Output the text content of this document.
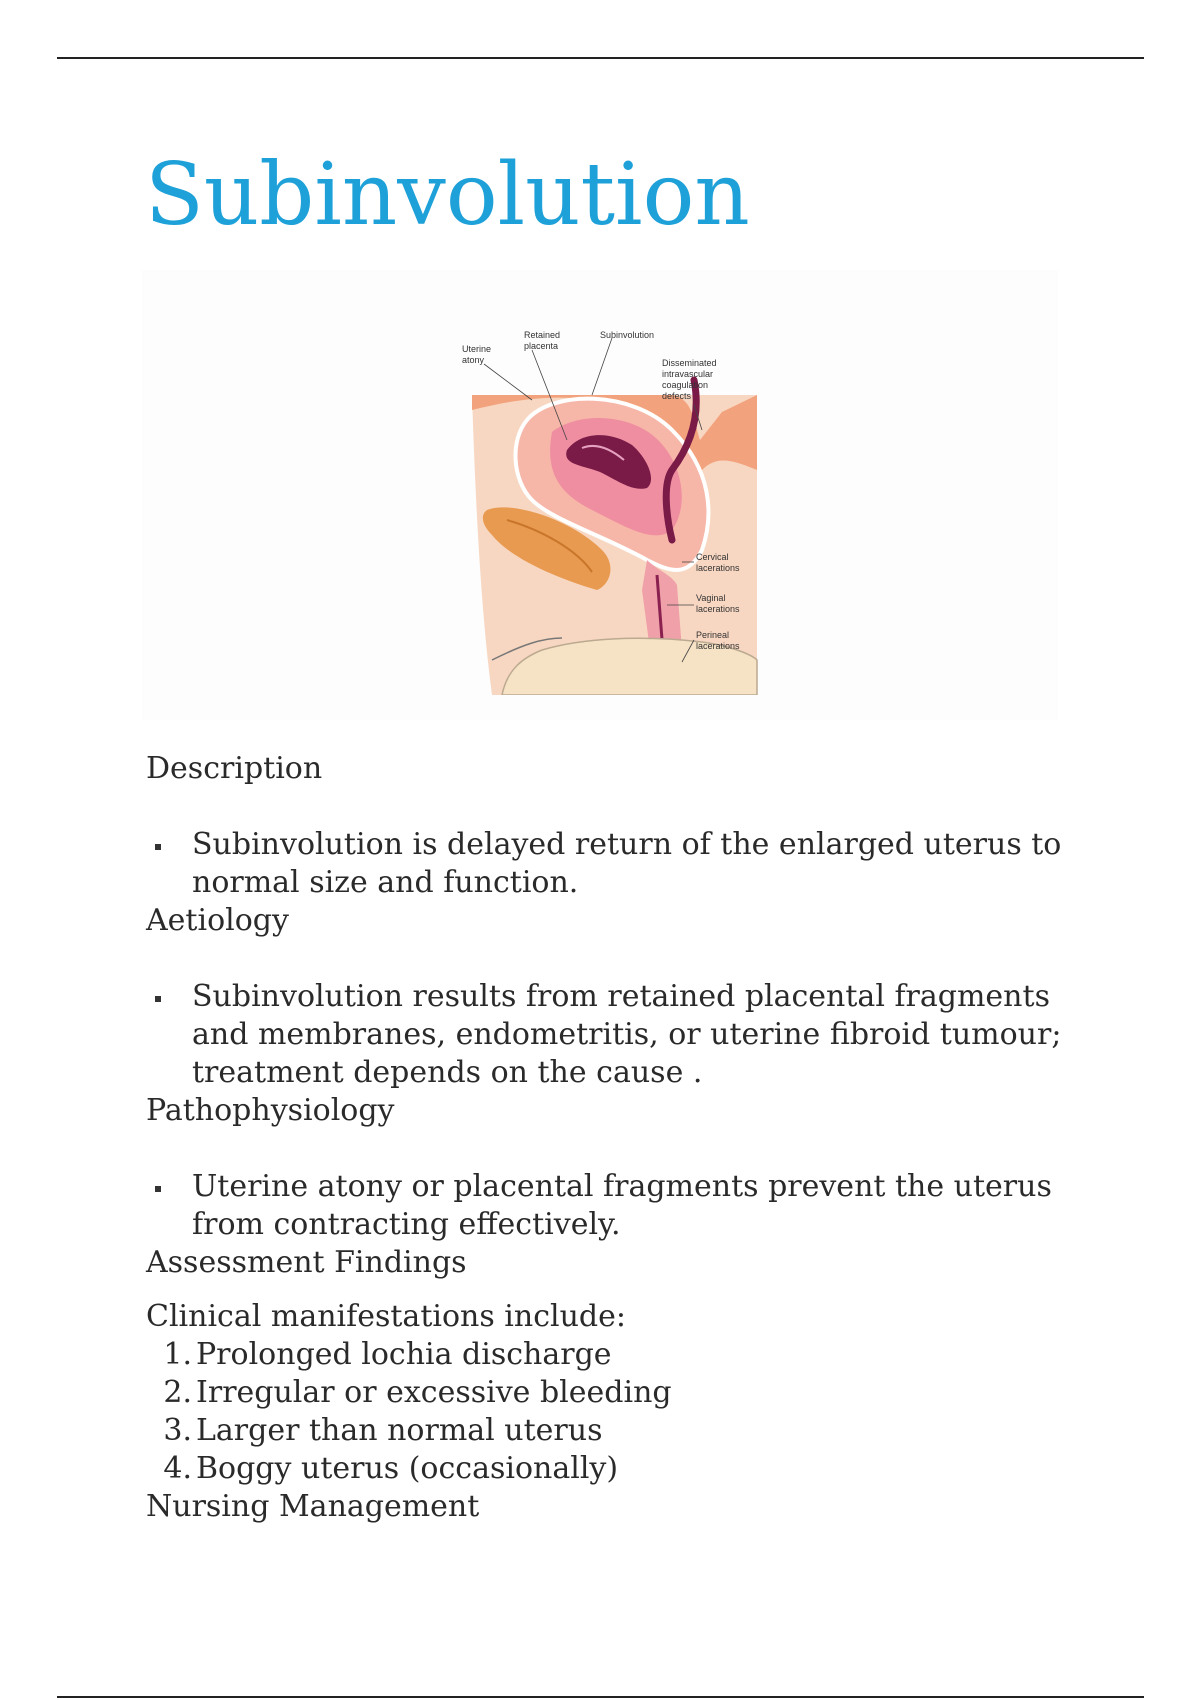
Subinvolution
Uterine
atony
Retained
placenta
Subinvolution
Disseminated
intravascular
coagulation
defects
Cervical
lacerations
Vaginal
lacerations
Perineal
lacerations
Description
Subinvolution is delayed return of the enlarged uterus to normal size and function.
Aetiology
Subinvolution results from retained placental fragments and membranes, endometritis, or uterine fibroid tumour; treatment depends on the cause .
Pathophysiology
Uterine atony or placental fragments prevent the uterus from contracting effectively.
Assessment Findings
Clinical manifestations include:
1. Prolonged lochia discharge
2. Irregular or excessive bleeding
3. Larger than normal uterus
4. Boggy uterus (occasionally)
Nursing Management
